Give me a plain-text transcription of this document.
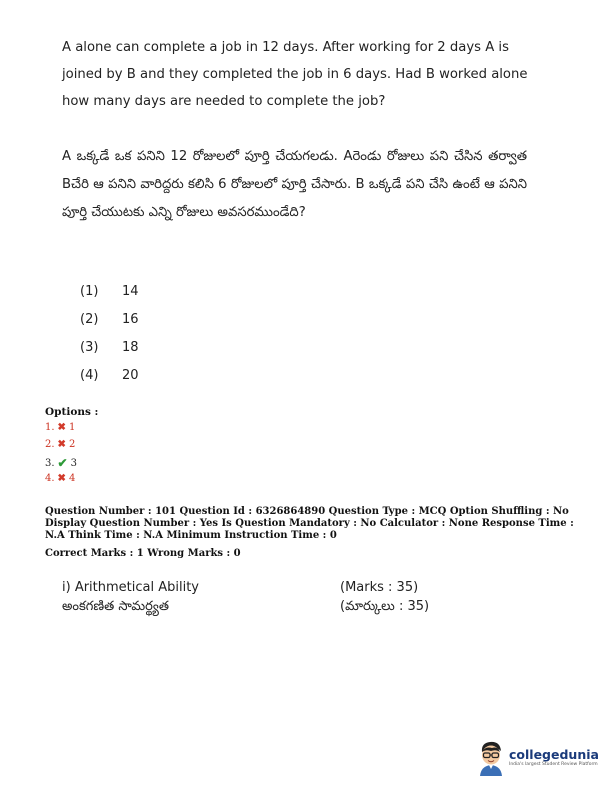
A alone can complete a job in 12 days. After working for 2 days A is joined by B and they completed the job in 6 days. Had B worked alone how many days are needed to complete the job?

A ఒక్కడే ఒక పనిని 12 రోజులలో పూర్తి చేయగలడు. Aరెండు రోజులు పని చేసిన తర్వాత Bచేరి ఆ పనిని వారిద్దరు కలిసి 6 రోజులలో పూర్తి చేసారు. B ఒక్కడే పని చేసి ఉంటే ఆ పనిని పూర్తి చేయుటకు ఎన్ని రోజులు అవసరముండేది?

(1) 14
(2) 16
(3) 18
(4) 20
Options :
1. ✖ 1
2. ✖ 2
3. ✔ 3
4. ✖ 4

Question Number : 101 Question Id : 6326864890 Question Type : MCQ Option Shuffling : No Display Question Number : Yes Is Question Mandatory : No Calculator : None Response Time : N.A Think Time : N.A Minimum Instruction Time : 0

Correct Marks : 1 Wrong Marks : 0
i) Arithmetical Ability
అంకగణిత సామర్థ్యత
(Marks : 35)
(మార్కులు : 35)
collegedunia
India's largest Student Review Platform
